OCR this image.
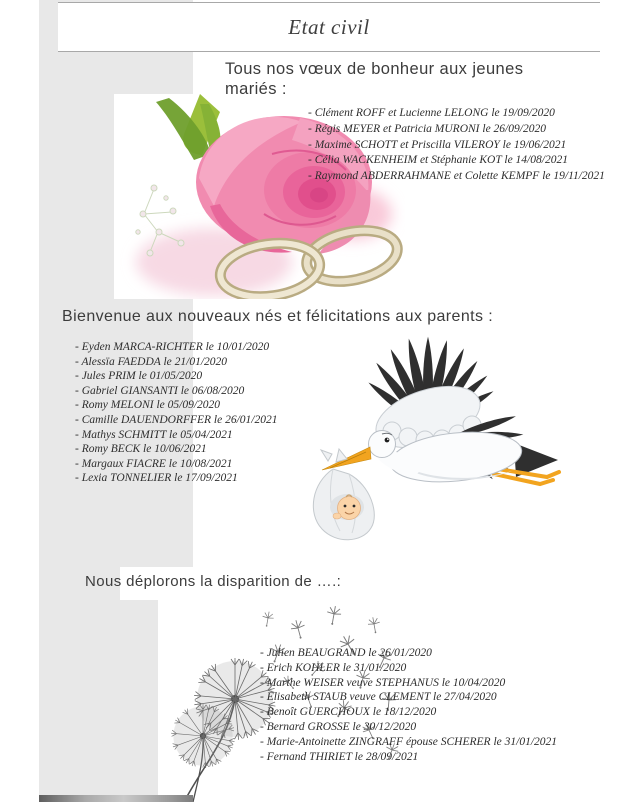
Etat civil
Tous nos vœux de bonheur aux jeunes
mariés :
- Clément ROFF et Lucienne LELONG le 19/09/2020
- Régis MEYER et Patricia MURONI le 26/09/2020
- Maxime SCHOTT et Priscilla VILEROY le 19/06/2021
- Célia WACKENHEIM et Stéphanie KOT le 14/08/2021
- Raymond ABDERRAHMANE et Colette KEMPF le 19/11/2021
Bienvenue aux nouveaux nés et félicitations aux parents :
- Eyden MARCA-RICHTER le 10/01/2020
- Alessïa FAEDDA le 21/01/2020
- Jules PRIM le 01/05/2020
- Gabriel GIANSANTI le 06/08/2020
- Romy MELONI le 05/09/2020
- Camille DAUENDORFFER le 26/01/2021
- Mathys SCHMITT le 05/04/2021
- Romy BECK le 10/06/2021
- Margaux FIACRE le 10/08/2021
- Lexia TONNELIER le 17/09/2021
Nous déplorons la disparition de ….:
- Julien BEAUGRAND le 26/01/2020
- Erich KOHLER le 31/01/2020
- Marthe WEISER veuve STEPHANUS le 10/04/2020
- Elisabeth STAUB veuve CLEMENT le 27/04/2020
- Benoît GUERCHOUX le 18/12/2020
- Bernard GROSSE le 30/12/2020
- Marie-Antoinette ZINGRAFF épouse SCHERER le 31/01/2021
- Fernand THIRIET le 28/09/2021
